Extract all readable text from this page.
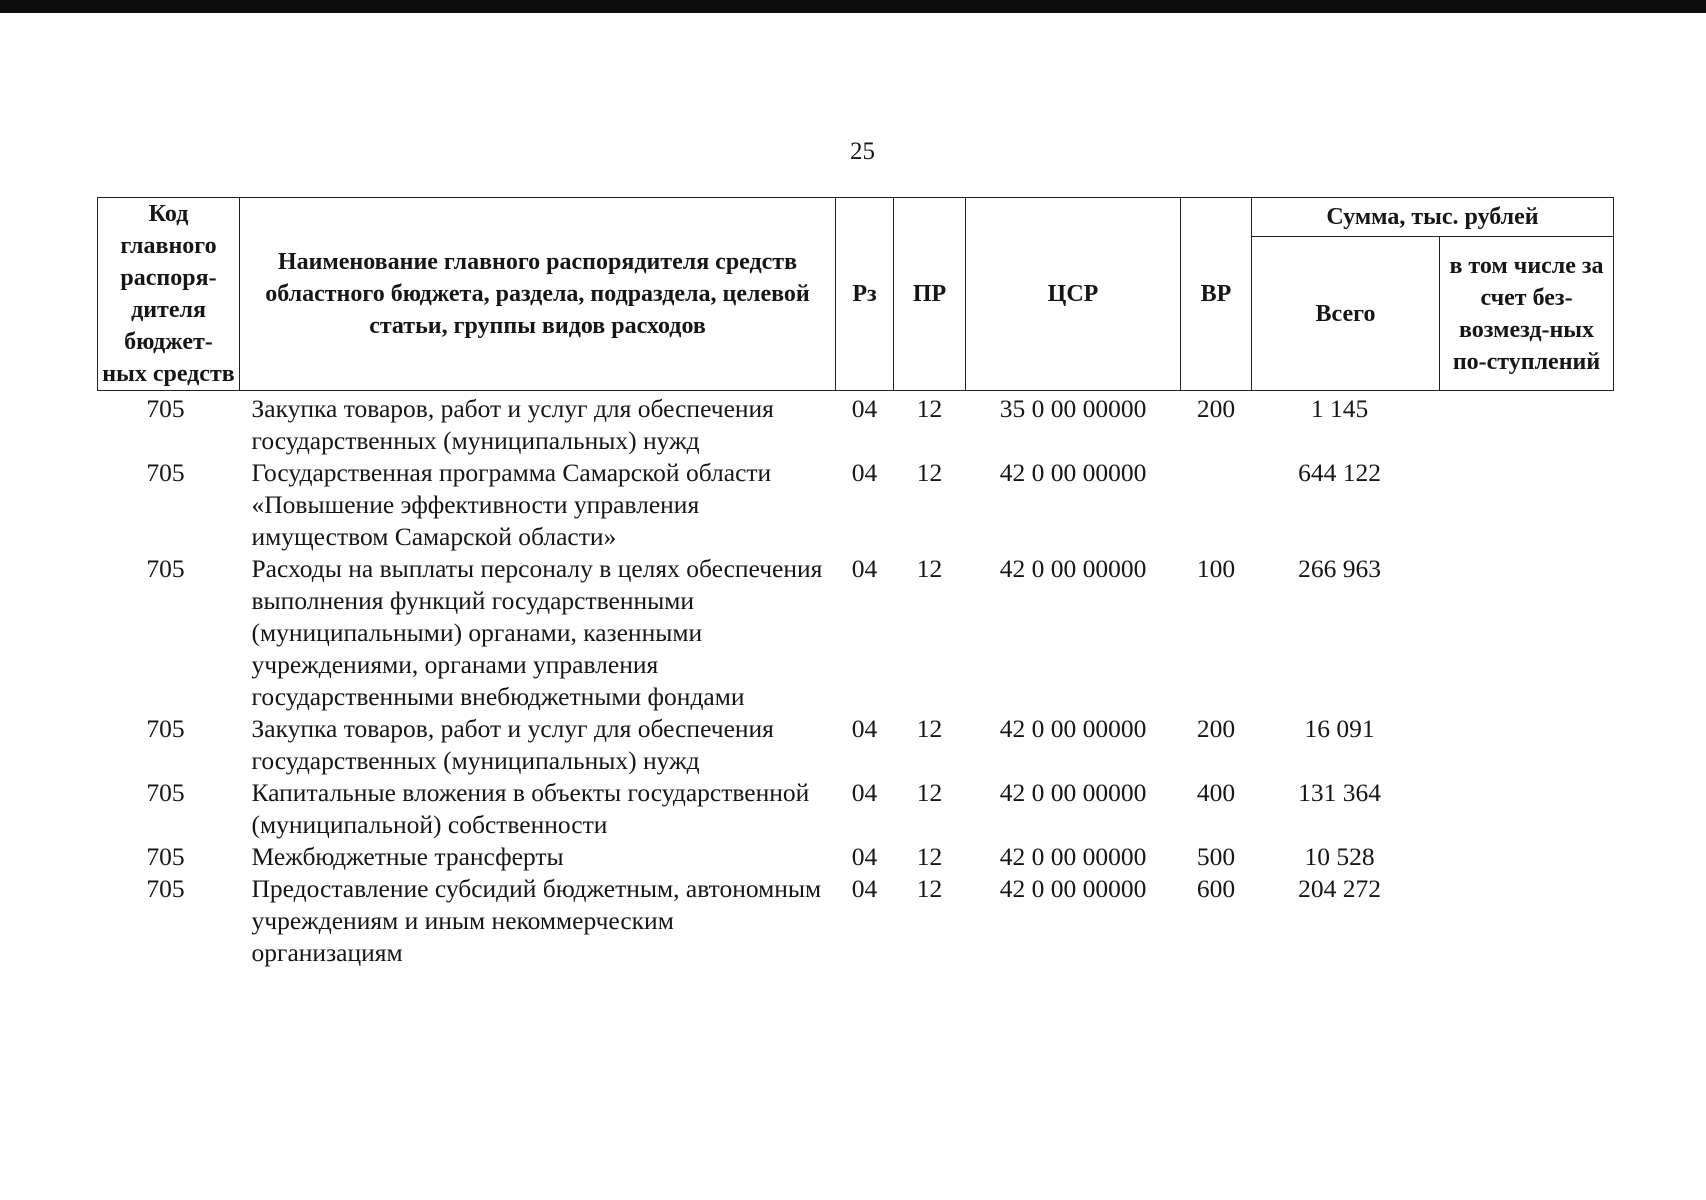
25
Код главного распоря-дителя бюджет-ных средств	Наименование главного распорядителя средств областного бюджета, раздела, подраздела, целевой статьи, группы видов расходов	Рз	ПР	ЦСР	ВР	Сумма, тыс. рублей	
						Всего	в том числе за счет без-возмезд-ных по-ступлений
705	Закупка товаров, работ и услуг для обеспечения государственных (муниципальных) нужд	04	12	35 0 00 00000	200	1 145	
705	Государственная программа Самарской области «Повышение эффективности управления имуществом Самарской области»	04	12	42 0 00 00000		644 122	
705	Расходы на выплаты персоналу в целях обеспечения выполнения функций государственными (муниципальными) органами, казенными учреждениями, органами управления государственными внебюджетными фондами	04	12	42 0 00 00000	100	266 963	
705	Закупка товаров, работ и услуг для обеспечения государственных (муниципальных) нужд	04	12	42 0 00 00000	200	16 091	
705	Капитальные вложения в объекты государственной (муниципальной) собственности	04	12	42 0 00 00000	400	131 364	
705	Межбюджетные трансферты	04	12	42 0 00 00000	500	10 528	
705	Предоставление субсидий бюджетным, автономным учреждениям и иным некоммерческим организациям	04	12	42 0 00 00000	600	204 272	
